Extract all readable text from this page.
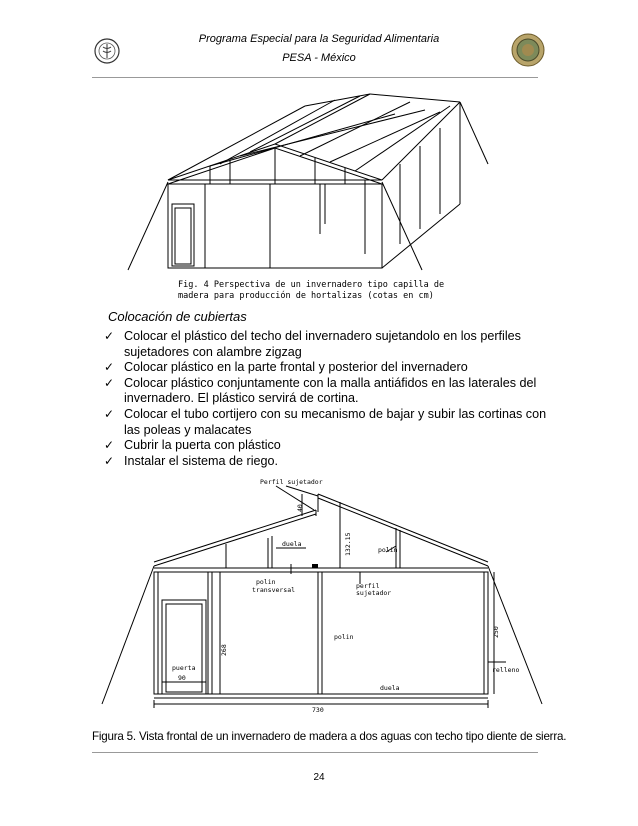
Programa Especial para la Seguridad Alimentaria
PESA - México
Fig. 4 Perspectiva de un invernadero tipo capilla de
madera para producción de hortalizas (cotas en cm)
Colocación de cubiertas
✓ Colocar el plástico del techo del invernadero sujetandolo en los perfiles
sujetadores con alambre zigzag
✓ Colocar plástico en la parte frontal y posterior del invernadero
✓ Colocar plástico conjuntamente con la malla antiáfidos en las laterales del
invernadero. El plástico servirá de cortina.
✓ Colocar el tubo cortijero con su mecanismo de bajar y subir las cortinas con
las poleas y malacates
✓ Cubrir la puerta con plástico
✓ Instalar el sistema de riego.
Perfil sujetador
40
132.15
duela
polin
polin
transversal	perfil
sujetador
polin
268
250
puerta
90
relleno
duela
730
Figura 5. Vista frontal de un invernadero de madera a dos aguas con techo tipo diente de sierra.
24
